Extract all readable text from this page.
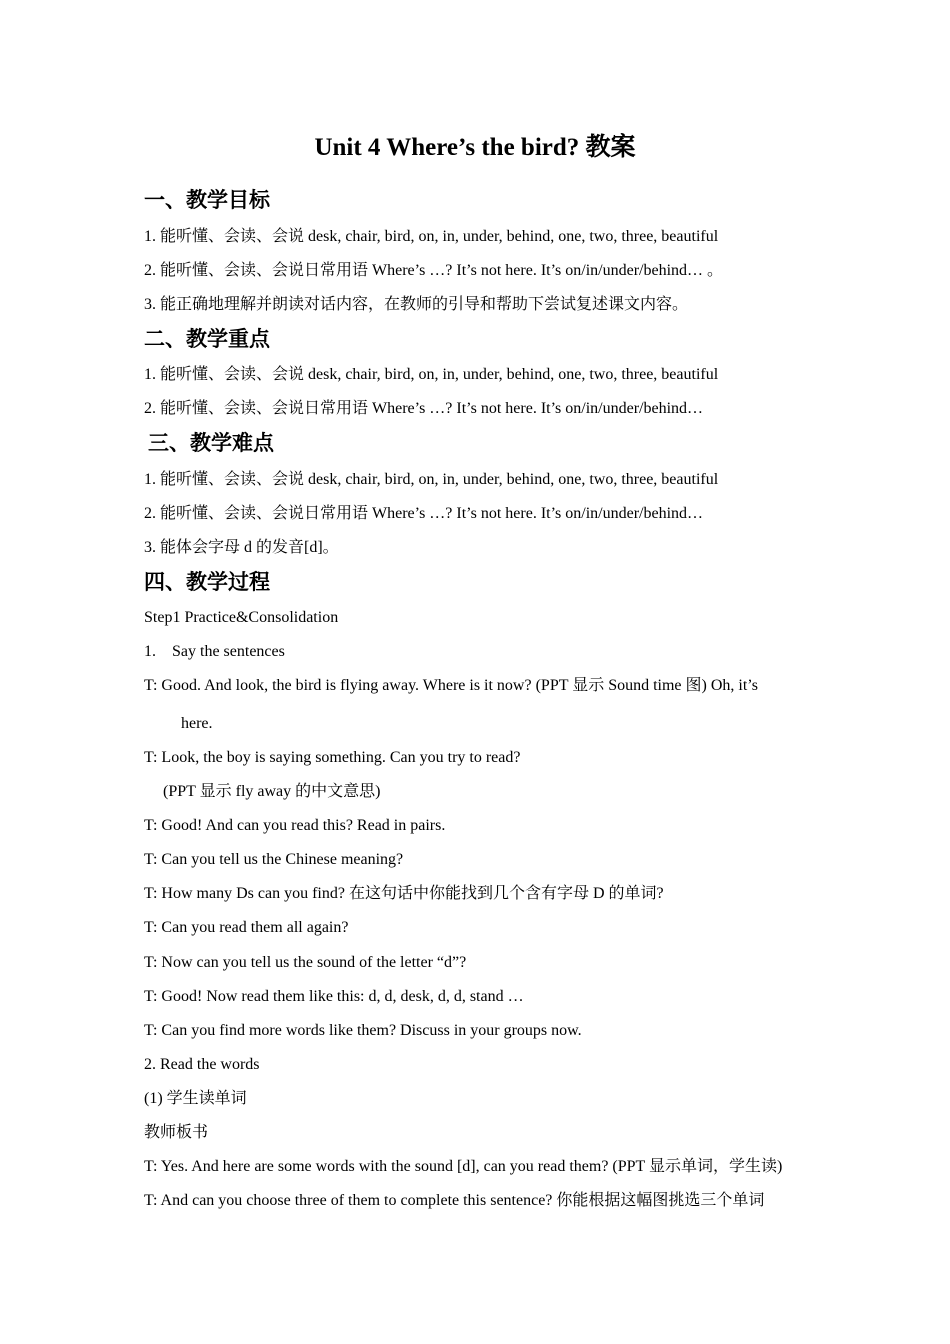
Unit 4 Where’s the bird? 教案
一、教学目标
1. 能听懂、会读、会说 desk, chair, bird, on, in, under, behind, one, two, three, beautiful
2. 能听懂、会读、会说日常用语 Where’s …? It’s not here. It’s on/in/under/behind… 。
3. 能正确地理解并朗读对话内容，在教师的引导和帮助下尝试复述课文内容。
二、教学重点
1. 能听懂、会读、会说 desk, chair, bird, on, in, under, behind, one, two, three, beautiful
2. 能听懂、会读、会说日常用语 Where’s …? It’s not here. It’s on/in/under/behind…
三、教学难点
1. 能听懂、会读、会说 desk, chair, bird, on, in, under, behind, one, two, three, beautiful
2. 能听懂、会读、会说日常用语 Where’s …? It’s not here. It’s on/in/under/behind…
3. 能体会字母 d 的发音[d]。
四、教学过程
Step1 Practice&Consolidation
1.　Say the sentences
T: Good. And look, the bird is flying away. Where is it now? (PPT 显示 Sound time 图) Oh, it’s
here.
T: Look, the boy is saying something. Can you try to read?
(PPT 显示 fly away 的中文意思)
T: Good! And can you read this? Read in pairs.
T: Can you tell us the Chinese meaning?
T: How many Ds can you find? 在这句话中你能找到几个含有字母 D 的单词?
T: Can you read them all again?
T: Now can you tell us the sound of the letter “d”?
T: Good! Now read them like this: d, d, desk, d, d, stand …
T: Can you find more words like them? Discuss in your groups now.
2. Read the words
(1) 学生读单词
教师板书
T: Yes. And here are some words with the sound [d], can you read them? (PPT 显示单词，学生读)
T: And can you choose three of them to complete this sentence? 你能根据这幅图挑选三个单词
